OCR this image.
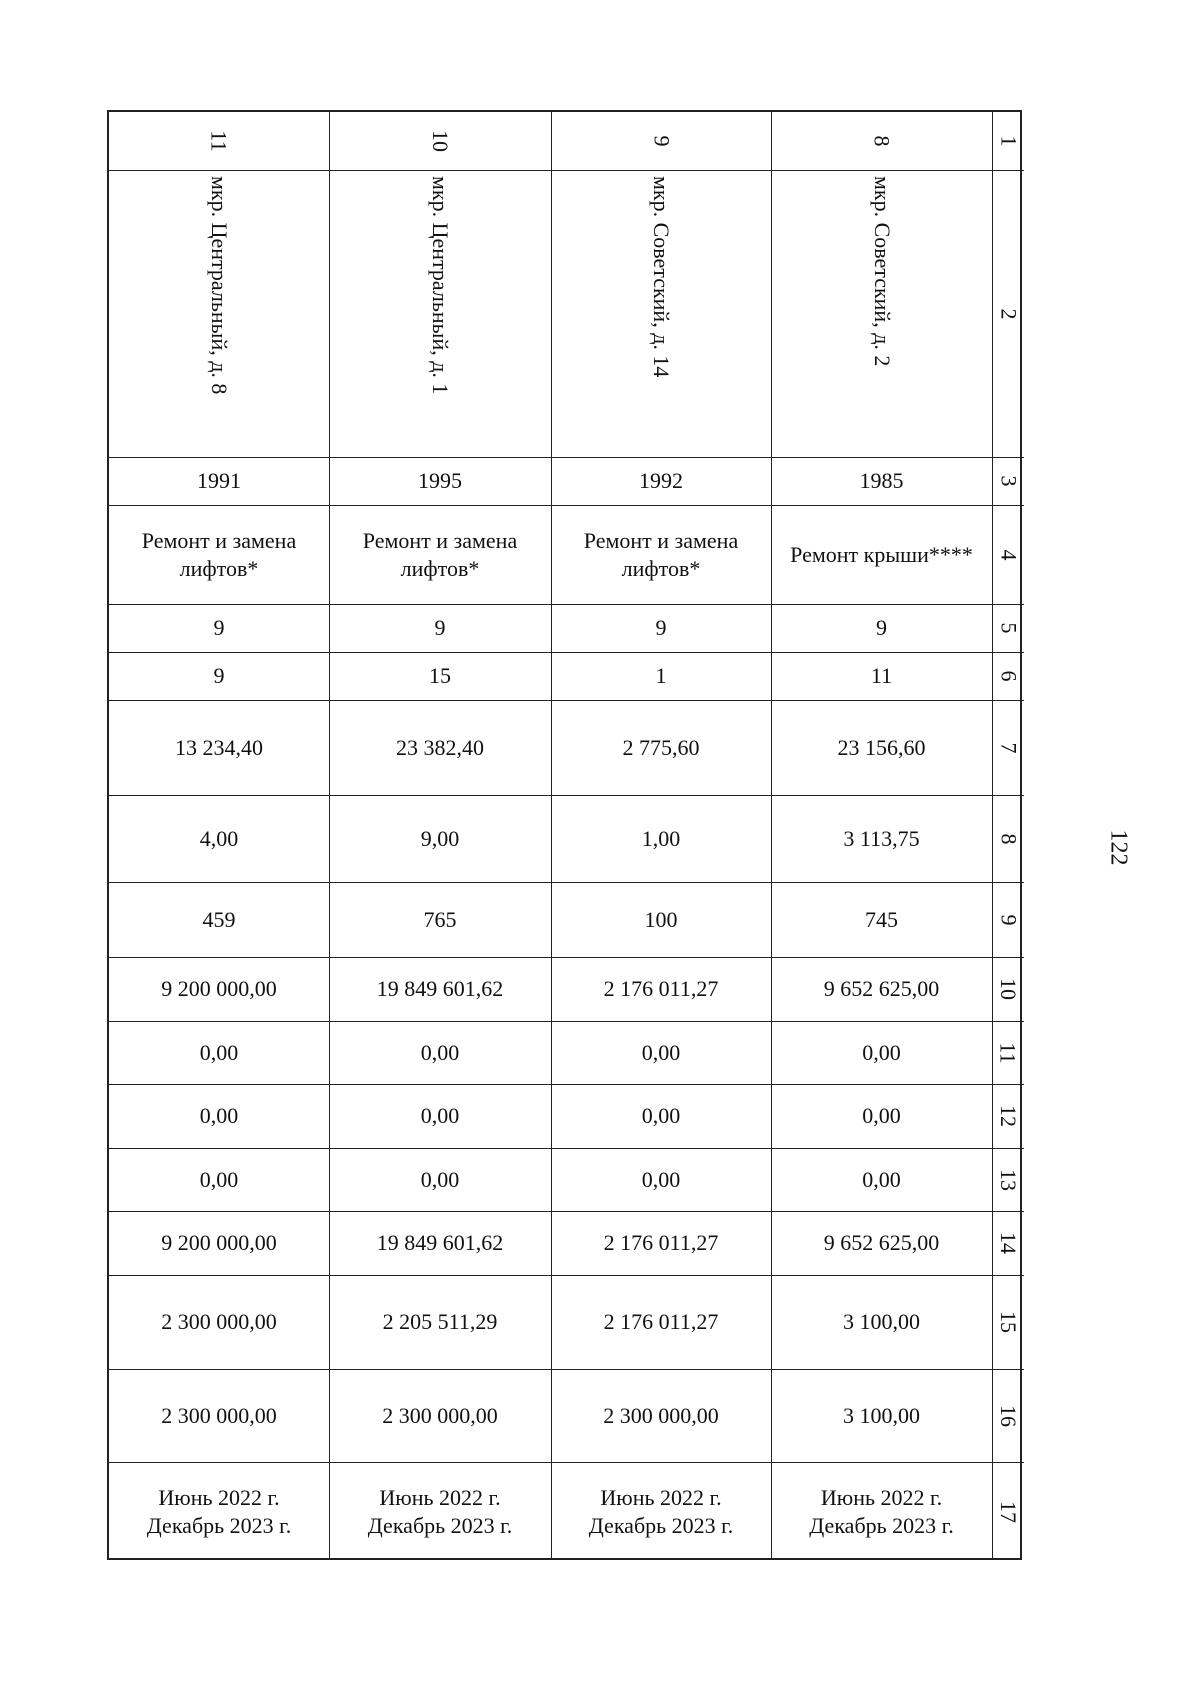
11
мкр. Центральный, д. 8
1991
Ремонт и замена лифтов*
9
9
13 234,40
4,00
459
9 200 000,00
0,00
0,00
0,00
9 200 000,00
2 300 000,00
2 300 000,00
Июнь 2022 г.
Декабрь 2023 г.
10
мкр. Центральный, д. 1
1995
Ремонт и замена лифтов*
9
15
23 382,40
9,00
765
19 849 601,62
0,00
0,00
0,00
19 849 601,62
2 205 511,29
2 300 000,00
Июнь 2022 г.
Декабрь 2023 г.
9
мкр. Советский, д. 14
1992
Ремонт и замена лифтов*
9
1
2 775,60
1,00
100
2 176 011,27
0,00
0,00
0,00
2 176 011,27
2 176 011,27
2 300 000,00
Июнь 2022 г.
Декабрь 2023 г.
8
мкр. Советский, д. 2
1985
Ремонт крыши****
9
11
23 156,60
3 113,75
745
9 652 625,00
0,00
0,00
0,00
9 652 625,00
3 100,00
3 100,00
Июнь 2022 г.
Декабрь 2023 г.
1
2
3
4
5
6
7
8
9
10
11
12
13
14
15
16
17
122
